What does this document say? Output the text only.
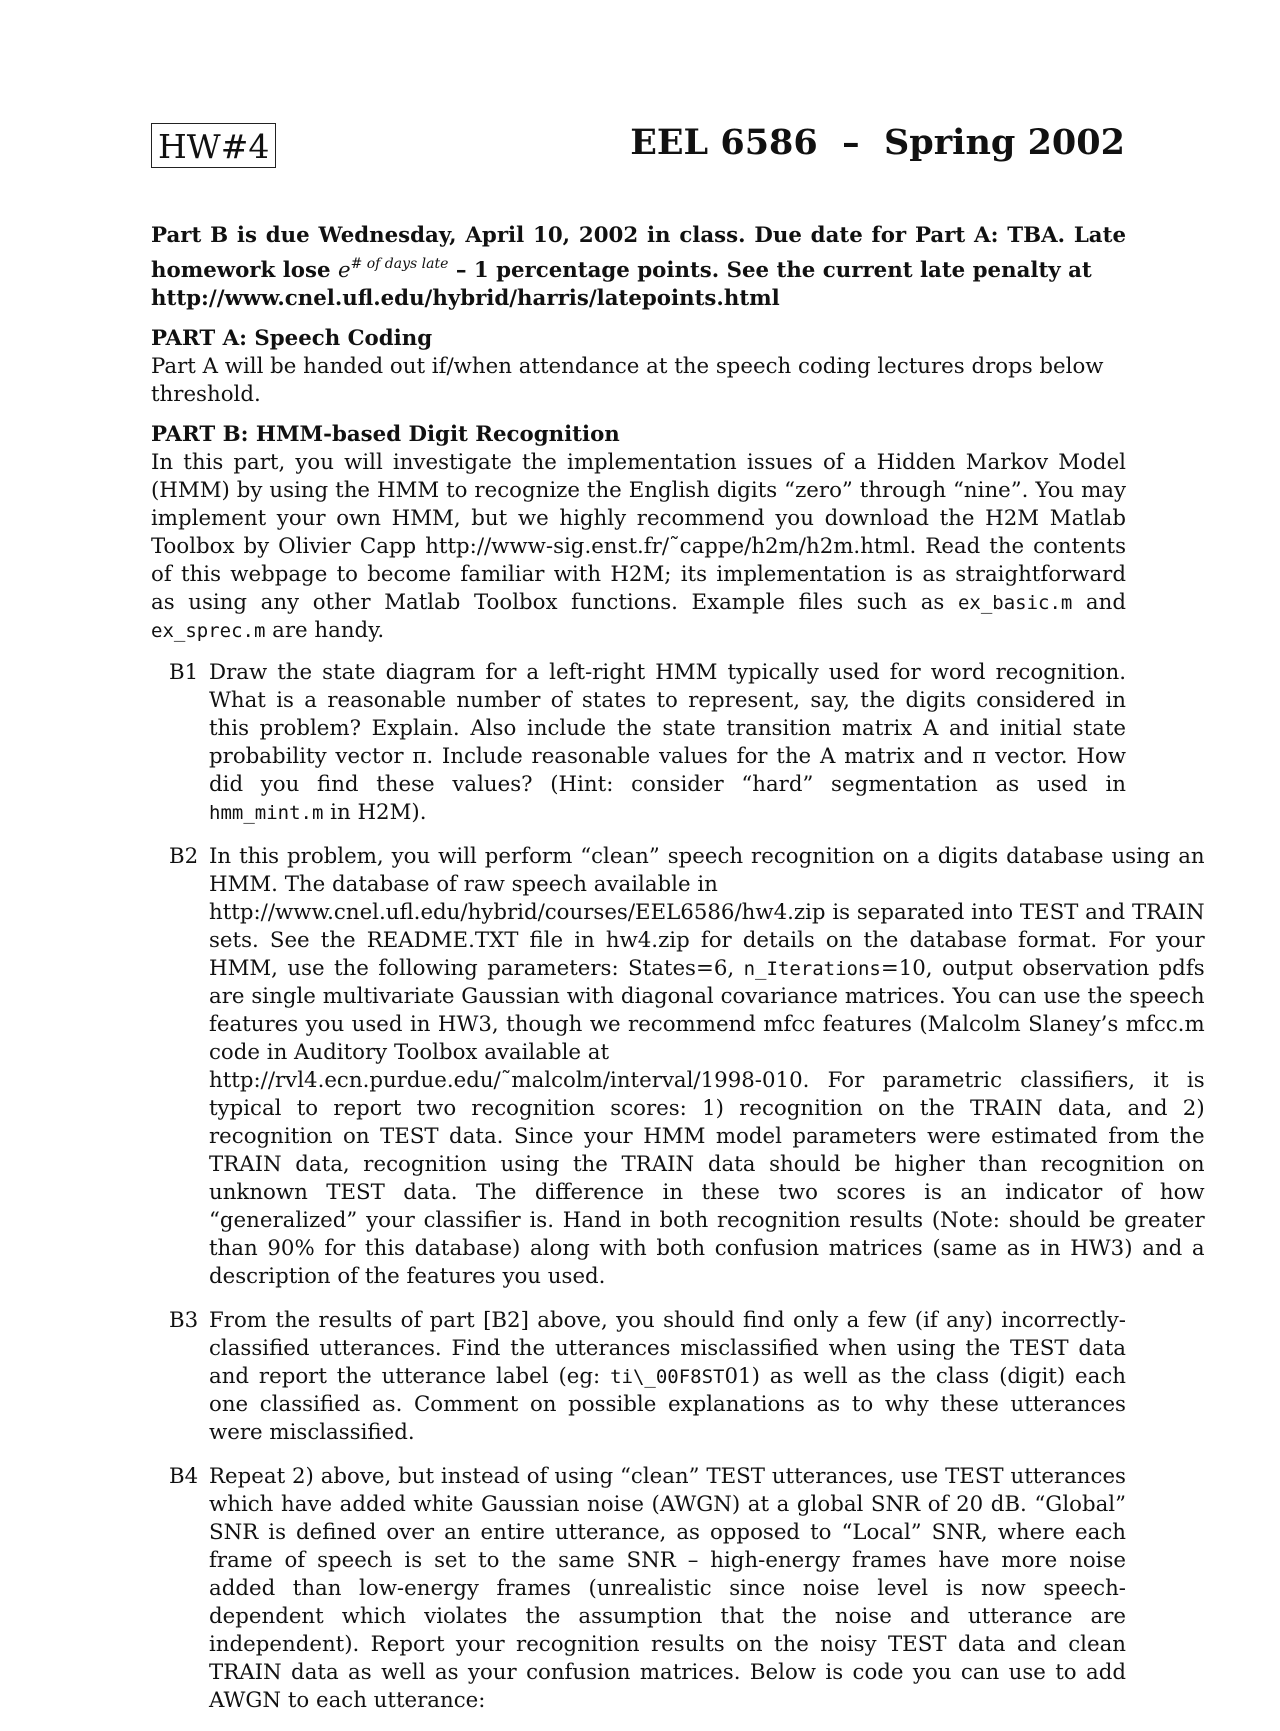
HW#4	EEL 6586  –  Spring 2002

Part B is due Wednesday, April 10, 2002 in class. Due date for Part A: TBA. Late homework lose $e^{\# of days late} - 1$ percentage points. See the current late penalty at
http://www.cnel.ufl.edu/hybrid/harris/latepoints.html

PART A: Speech Coding
Part A will be handed out if/when attendance at the speech coding lectures drops below threshold.
PART B: HMM-based Digit Recognition
In this part, you will investigate the implementation issues of a Hidden Markov Model (HMM) by using the HMM to recognize the English digits “zero” through “nine”. You may implement your own HMM, but we highly recommend you download the H2M Matlab Toolbox by Olivier Capp http://www-sig.enst.fr/˜cappe/h2m/h2m.html. Read the contents of this webpage to become familiar with H2M; its implementation is as straightforward as using any other Matlab Toolbox functions. Example files such as ex_basic.m and ex_sprec.m are handy.
B1 Draw the state diagram for a left-right HMM typically used for word recognition. What is a reasonable number of states to represent, say, the digits considered in this problem? Explain. Also include the state transition matrix A and initial state probability vector π. Include reasonable values for the A matrix and π vector. How did you find these values? (Hint: consider “hard” segmentation as used in hmm_mint.m in H2M).
B2 In this problem, you will perform “clean” speech recognition on a digits database using an HMM. The database of raw speech available in
http://www.cnel.ufl.edu/hybrid/courses/EEL6586/hw4.zip is separated into TEST and TRAIN
sets. See the README.TXT file in hw4.zip for details on the database format. For your HMM, use the following parameters: States=6, n_Iterations=10, output observation pdfs are single multivariate Gaussian with diagonal covariance matrices. You can use the speech features you used in HW3, though we recommend mfcc features (Malcolm Slaney’s mfcc.m code in Auditory Toolbox available at
http://rvl4.ecn.purdue.edu/˜malcolm/interval/1998-010. For parametric classifiers, it is typical to report two recognition scores: 1) recognition on the TRAIN data, and 2) recognition on TEST data. Since your HMM model parameters were estimated from the TRAIN data, recognition using the TRAIN data should be higher than recognition on unknown TEST data. The difference in these two scores is an indicator of how “generalized” your classifier is. Hand in both recognition results (Note: should be greater than 90% for this database) along with both confusion matrices (same as in HW3) and a description of the features you used.
B3 From the results of part [B2] above, you should find only a few (if any) incorrectly-classified utterances. Find the utterances misclassified when using the TEST data and report the utterance label (eg: ti\_00F8ST01) as well as the class (digit) each one classified as. Comment on possible explanations as to why these utterances were misclassified.
B4 Repeat 2) above, but instead of using “clean” TEST utterances, use TEST utterances which have added white Gaussian noise (AWGN) at a global SNR of 20 dB. “Global” SNR is defined over an entire utterance, as opposed to “Local” SNR, where each frame of speech is set to the same SNR – high-energy frames have more noise added than low-energy frames (unrealistic since noise level is now speech-dependent which violates the assumption that the noise and utterance are independent). Report your recognition results on the noisy TEST data and clean TRAIN data as well as your confusion matrices. Below is code you can use to add AWGN to each utterance:
